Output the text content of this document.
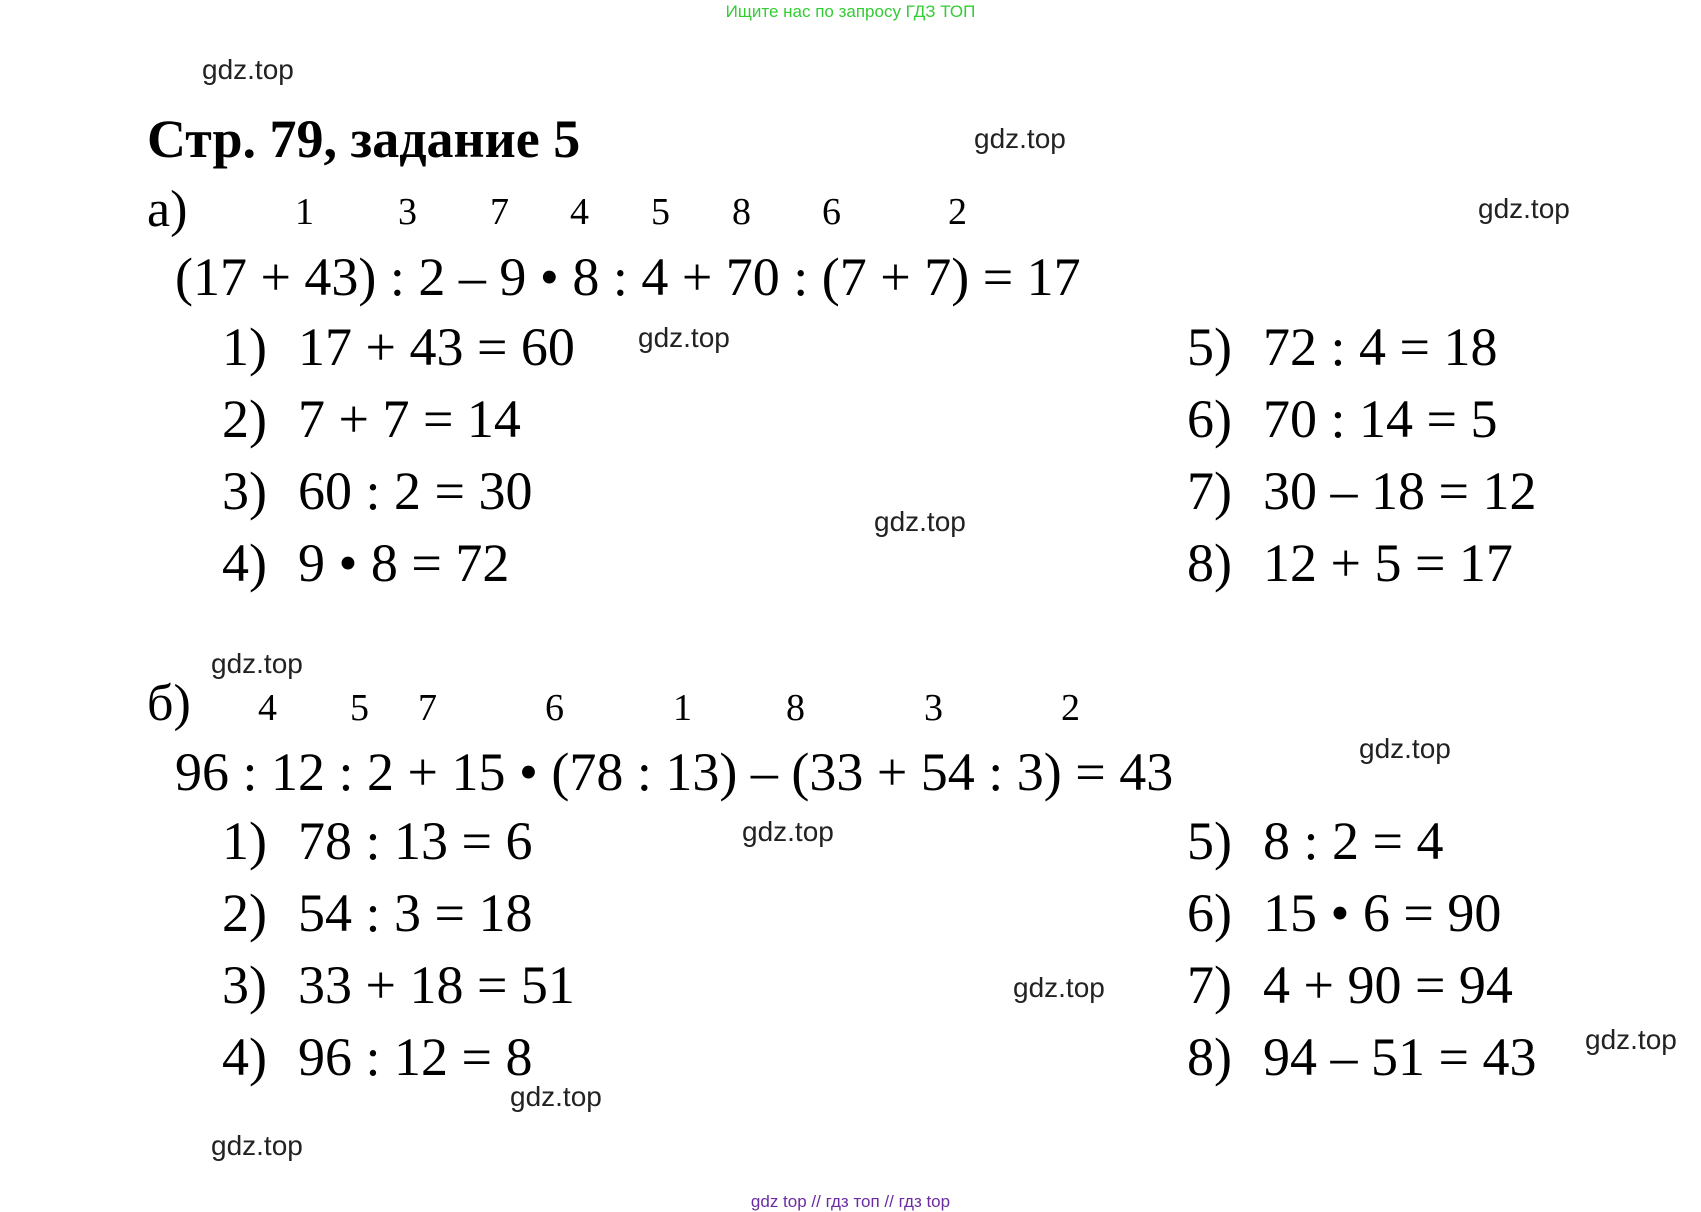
Ищите нас по запросу ГДЗ ТОП
gdz.top
Стр. 79, задание 5	gdz.top
а)	1 3 7 4 5 8 6	2	gdz.top
(17 + 43) : 2 – 9 • 8 : 4 + 70 : (7 + 7) = 17
1) 17 + 43 = 60
2) 7 + 7 = 14
3) 60 : 2 = 30
4) 9 • 8 = 72
5) 72 : 4 = 18
6) 70 : 14 = 5
7) 30 – 18 = 12
8) 12 + 5 = 17
gdz.top
gdz.top
gdz.top
б) 4 5 7	6	1 8	3	2
gdz.top
96 : 12 : 2 + 15 • (78 : 13) – (33 + 54 : 3) = 43
1) 78 : 13 = 6
2) 54 : 3 = 18
3) 33 + 18 = 51
4) 96 : 12 = 8
5) 8 : 2 = 4
6) 15 • 6 = 90
7) 4 + 90 = 94
8) 94 – 51 = 43
gdz.top
gdz.top
gdz.top
gdz.top
gdz.top
gdz top // гдз топ // гдз top
